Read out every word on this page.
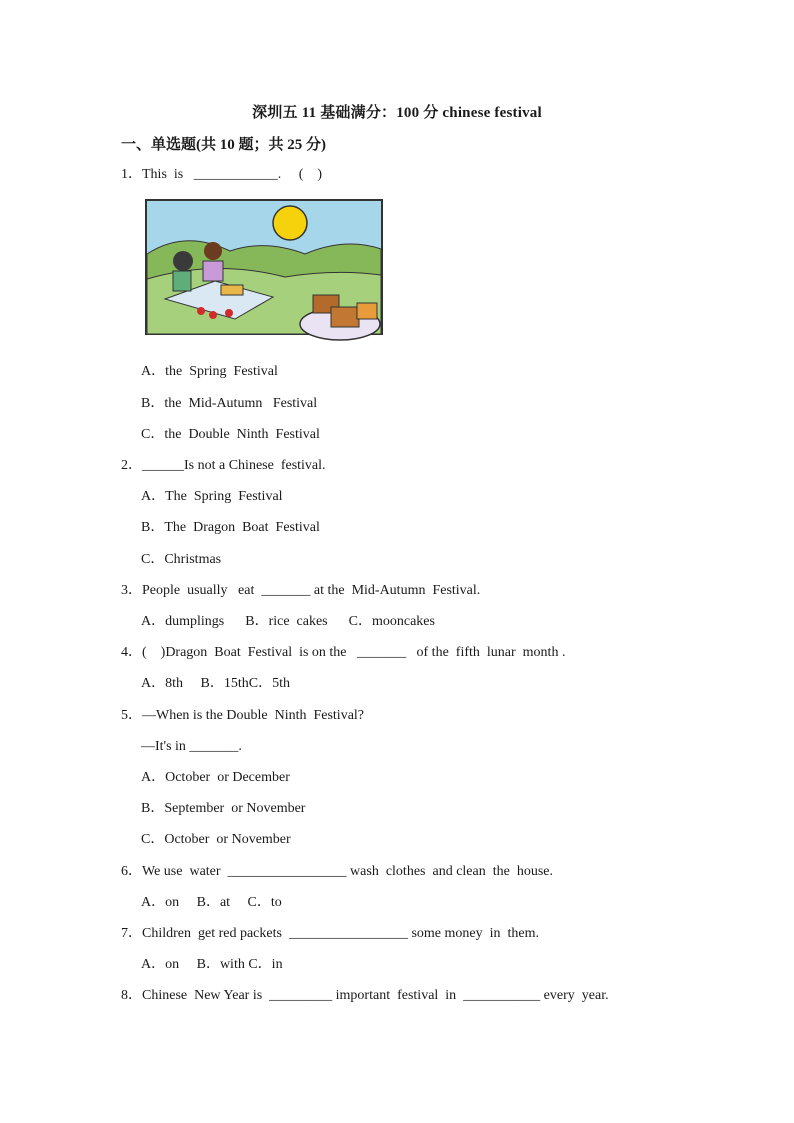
深圳五 11 基础满分：100 分 chinese festival
一、单选题(共 10 题；共 25 分)
1．This  is   ____________.     (    )
A．the  Spring  Festival
B．the  Mid-Autumn   Festival
C．the  Double  Ninth  Festival
2．______Is not a Chinese  festival.
A．The  Spring  Festival
B．The  Dragon  Boat  Festival
C．Christmas
3．People  usually   eat  _______ at the  Mid-Autumn  Festival.
A．dumplings      B．rice  cakes      C．mooncakes
4．(    )Dragon  Boat  Festival  is on the   _______   of the  fifth  lunar  month .
A．8th     B．15thC．5th
5．—When is the Double  Ninth  Festival?
—It's in _______.
A．October  or December
B．September  or November
C．October  or November
6．We use  water  _________________ wash  clothes  and clean  the  house.
A．on     B．at     C．to
7．Children  get red packets  _________________ some money  in  them.
A．on     B．with C．in
8．Chinese  New Year is  _________ important  festival  in  ___________ every  year.
